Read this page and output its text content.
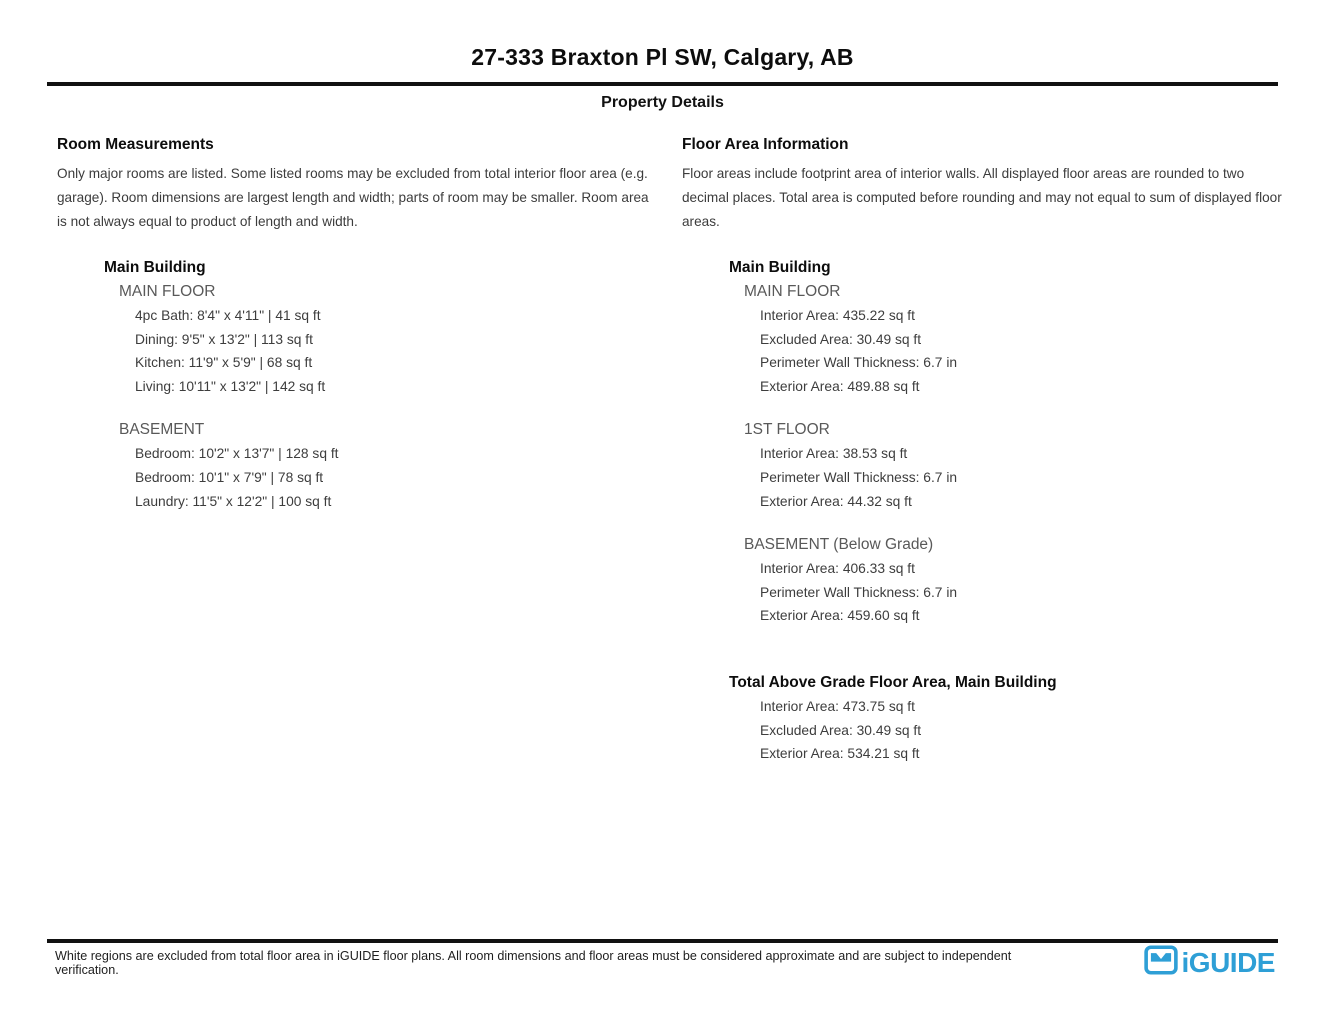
27-333 Braxton Pl SW, Calgary, AB
Property Details
Room Measurements

Only major rooms are listed. Some listed rooms may be excluded from total interior floor area (e.g. garage). Room dimensions are largest length and width; parts of room may be smaller. Room area is not always equal to product of length and width.

Main Building
MAIN FLOOR
4pc Bath: 8'4" x 4'11" | 41 sq ft
Dining: 9'5" x 13'2" | 113 sq ft
Kitchen: 11'9" x 5'9" | 68 sq ft
Living: 10'11" x 13'2" | 142 sq ft
BASEMENT
Bedroom: 10'2" x 13'7" | 128 sq ft
Bedroom: 10'1" x 7'9" | 78 sq ft
Laundry: 11'5" x 12'2" | 100 sq ft
Floor Area Information

Floor areas include footprint area of interior walls. All displayed floor areas are rounded to two decimal places. Total area is computed before rounding and may not equal to sum of displayed floor areas.

Main Building
MAIN FLOOR
Interior Area: 435.22 sq ft
Excluded Area: 30.49 sq ft
Perimeter Wall Thickness: 6.7 in
Exterior Area: 489.88 sq ft
1ST FLOOR
Interior Area: 38.53 sq ft
Perimeter Wall Thickness: 6.7 in
Exterior Area: 44.32 sq ft
BASEMENT (Below Grade)
Interior Area: 406.33 sq ft
Perimeter Wall Thickness: 6.7 in
Exterior Area: 459.60 sq ft
Total Above Grade Floor Area, Main Building
Interior Area: 473.75 sq ft
Excluded Area: 30.49 sq ft
Exterior Area: 534.21 sq ft

White regions are excluded from total floor area in iGUIDE floor plans. All room dimensions and floor areas must be considered approximate and are subject to independent verification.	iGUIDE
